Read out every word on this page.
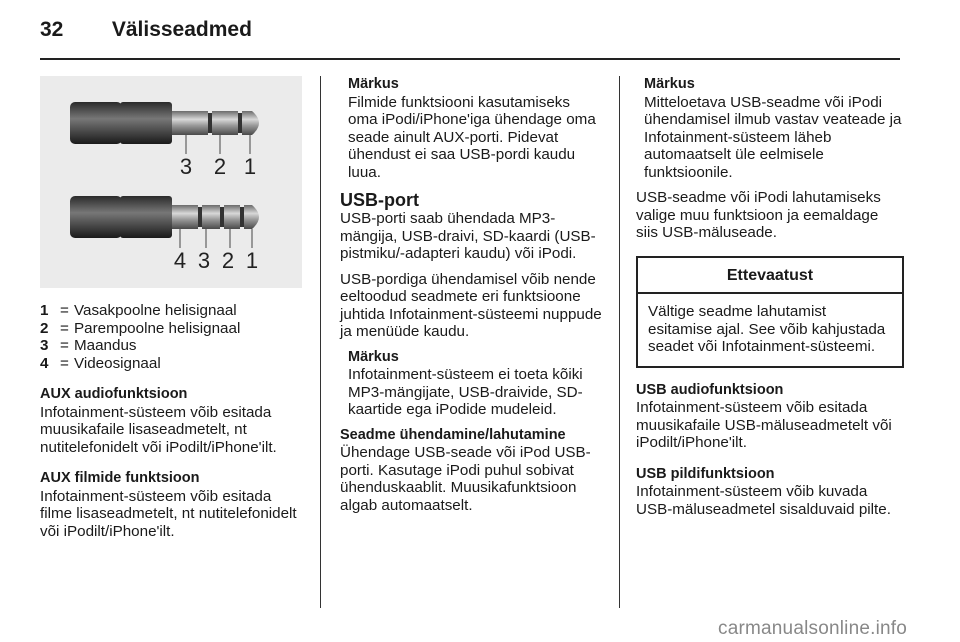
32 Välisseadmed
3 2 1
4 3 2 1
1 = Vasakpoolne helisignaal
2 = Parempoolne helisignaal
3 = Maandus
4 = Videosignaal
AUX audiofunktsioon

Infotainment-süsteem võib esitada muusikafaile lisaseadmetelt, nt nutitelefonidelt või iPodilt/iPhone'ilt.

AUX filmide funktsioon

Infotainment-süsteem võib esitada filme lisaseadmetelt, nt nutitelefonidelt või iPodilt/iPhone'ilt.

Märkus

Filmide funktsiooni kasutamiseks oma iPodi/iPhone'iga ühendage oma seade ainult AUX-porti. Pidevat ühendust ei saa USB-pordi kaudu luua.

USB-port

USB-porti saab ühendada MP3-mängija, USB-draivi, SD-kaardi (USB-pistmiku/-adapteri kaudu) või iPodi.

USB-pordiga ühendamisel võib nende eeltoodud seadmete eri funktsioone juhtida Infotainment-süsteemi nuppude ja menüüde kaudu.

Märkus

Infotainment-süsteem ei toeta kõiki MP3-mängijate, USB-draivide, SD-kaartide ega iPodide mudeleid.

Seadme ühendamine/lahutamine

Ühendage USB-seade või iPod USB-porti. Kasutage iPodi puhul sobivat ühenduskaablit. Muusikafunktsioon algab automaatselt.

Märkus

Mitteloetava USB-seadme või iPodi ühendamisel ilmub vastav veateade ja Infotainment-süsteem läheb automaatselt üle eelmisele funktsioonile.

USB-seadme või iPodi lahutamiseks valige muu funktsioon ja eemaldage siis USB-mäluseade.

Ettevaatust
Vältige seadme lahutamist esitamise ajal. See võib kahjustada seadet või Infotainment-süsteemi.
USB audiofunktsioon

Infotainment-süsteem võib esitada muusikafaile USB-mäluseadmetelt või iPodilt/iPhone'ilt.

USB pildifunktsioon

Infotainment-süsteem võib kuvada USB-mäluseadmetel sisalduvaid pilte.

carmanualsonline.info
